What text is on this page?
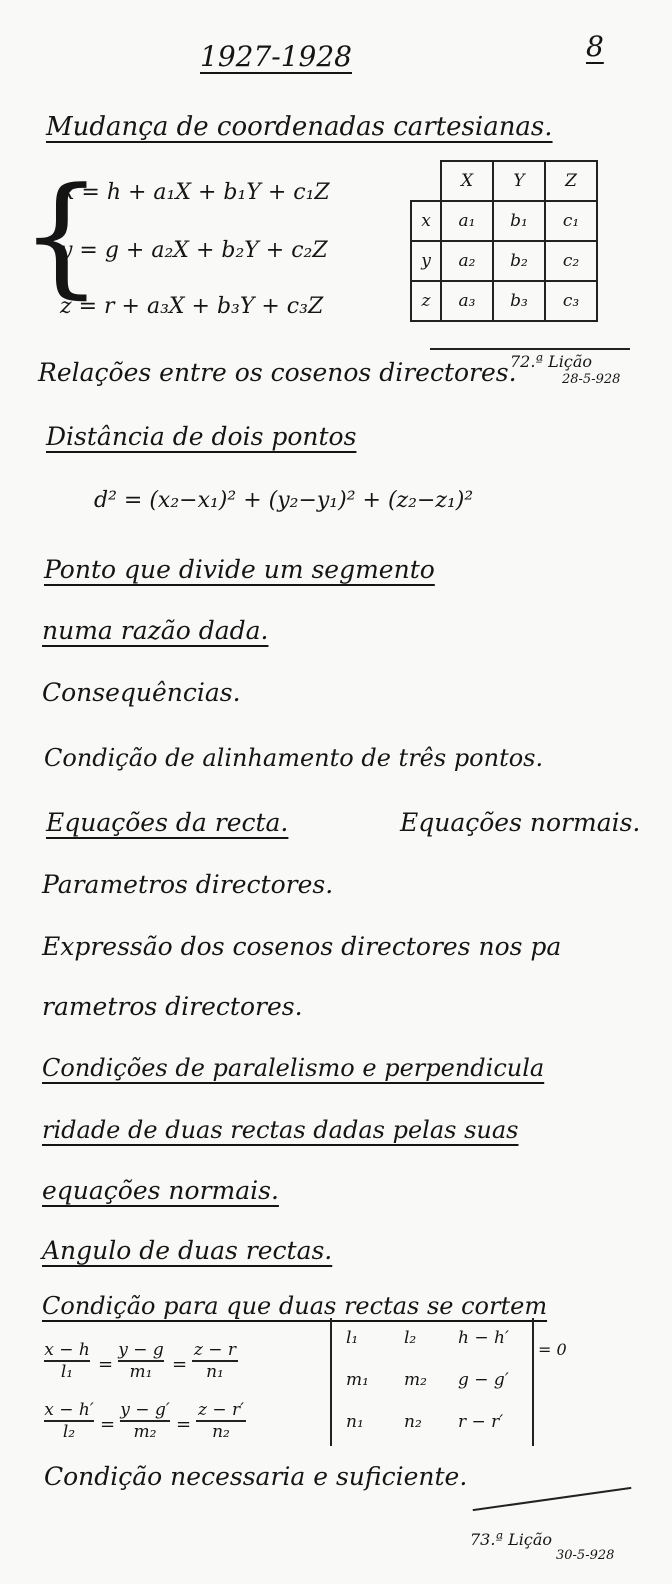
1927-1928	8
Mudança de coordenadas cartesianas.
{
x = h + a₁X + b₁Y + c₁Z
y = g + a₂X + b₂Y + c₂Z
z = r + a₃X + b₃Y + c₃Z
	X	Y	Z
x	a₁	b₁	c₁
y	a₂	b₂	c₂
z	a₃	b₃	c₃
72.ª Lição
28-5-928
Relações entre os cosenos directores.
Distância de dois pontos
d² = (x₂−x₁)² + (y₂−y₁)² + (z₂−z₁)²
Ponto que divide um segmento
numa razão dada.
Consequências.
Condição de alinhamento de três pontos.
Equações da recta.	Equações normais.
Parametros directores.
Expressão dos cosenos directores nos pa
rametros directores.
Condições de paralelismo e perpendicula
ridade de duas rectas dadas pelas suas
equações normais.
Angulo de duas rectas.
Condição para que duas rectas se cortem
$\frac{x - h}{\text{l₁}} = \frac{y - g}{\text{m₁}} = \frac{z - r}{\text{n₁}}$
$\frac{x - h'}{\text{l₂}} = \frac{y - g'}{\text{m₂}} = \frac{z - r'}{\text{n₂}}$
l₁	l₂ h − h′
m₁ m₂ g − g′
n₁ n₂ r − r′
= 0
Condição necessaria e suficiente.
73.ª Lição
30-5-928
